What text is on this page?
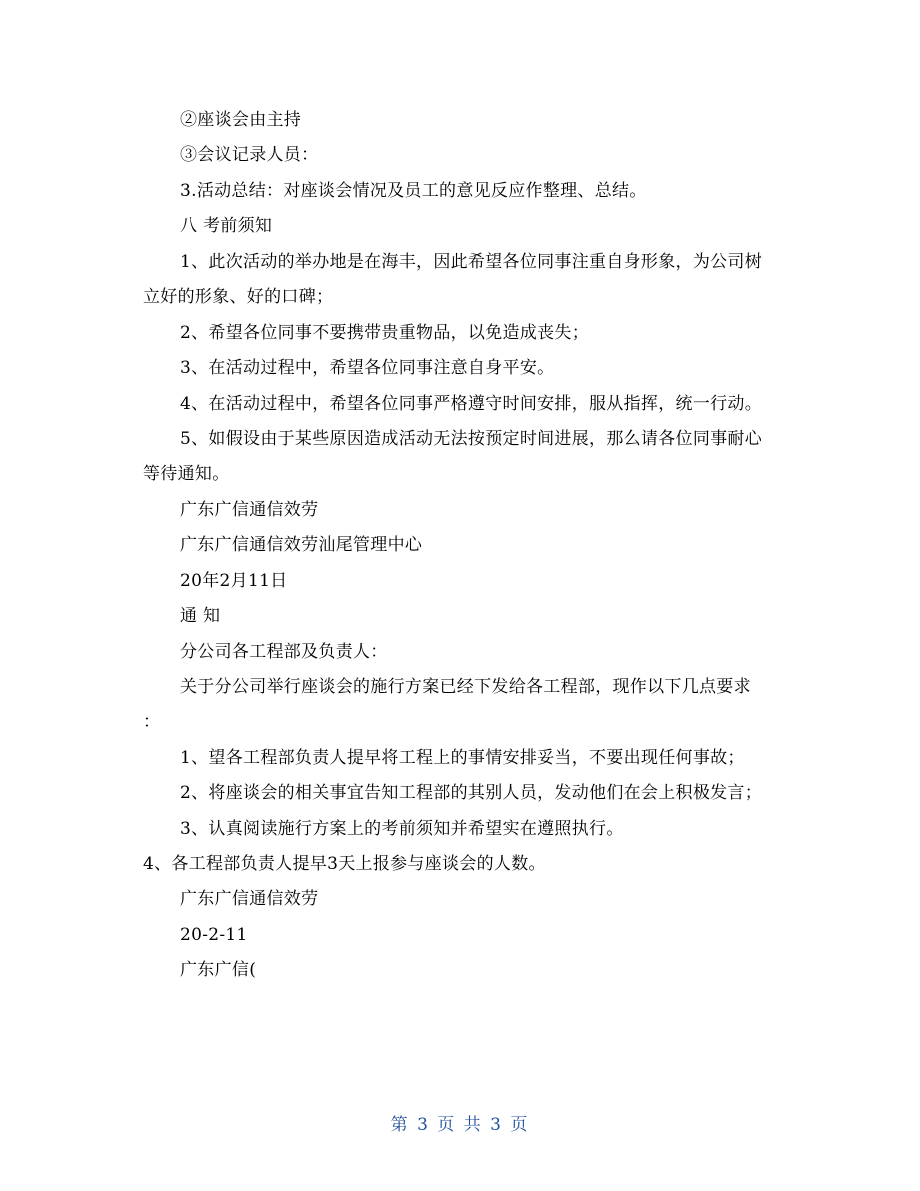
②座谈会由主持
③会议记录人员：
3.活动总结：对座谈会情况及员工的意见反应作整理、总结。
八 考前须知
1、此次活动的举办地是在海丰，因此希望各位同事注重自身形象，为公司树
立好的形象、好的口碑；
2、希望各位同事不要携带贵重物品，以免造成丧失；
3、在活动过程中，希望各位同事注意自身平安。
4、在活动过程中，希望各位同事严格遵守时间安排，服从指挥，统一行动。
5、如假设由于某些原因造成活动无法按预定时间进展，那么请各位同事耐心
等待通知。
广东广信通信效劳
广东广信通信效劳汕尾管理中心
20年2月11日
通 知
分公司各工程部及负责人：
关于分公司举行座谈会的施行方案已经下发给各工程部，现作以下几点要求
：
1、望各工程部负责人提早将工程上的事情安排妥当，不要出现任何事故；
2、将座谈会的相关事宜告知工程部的其别人员，发动他们在会上积极发言；
3、认真阅读施行方案上的考前须知并希望实在遵照执行。
4、各工程部负责人提早3天上报参与座谈会的人数。
广东广信通信效劳
20-2-11
广东广信(
第 3 页 共 3 页
